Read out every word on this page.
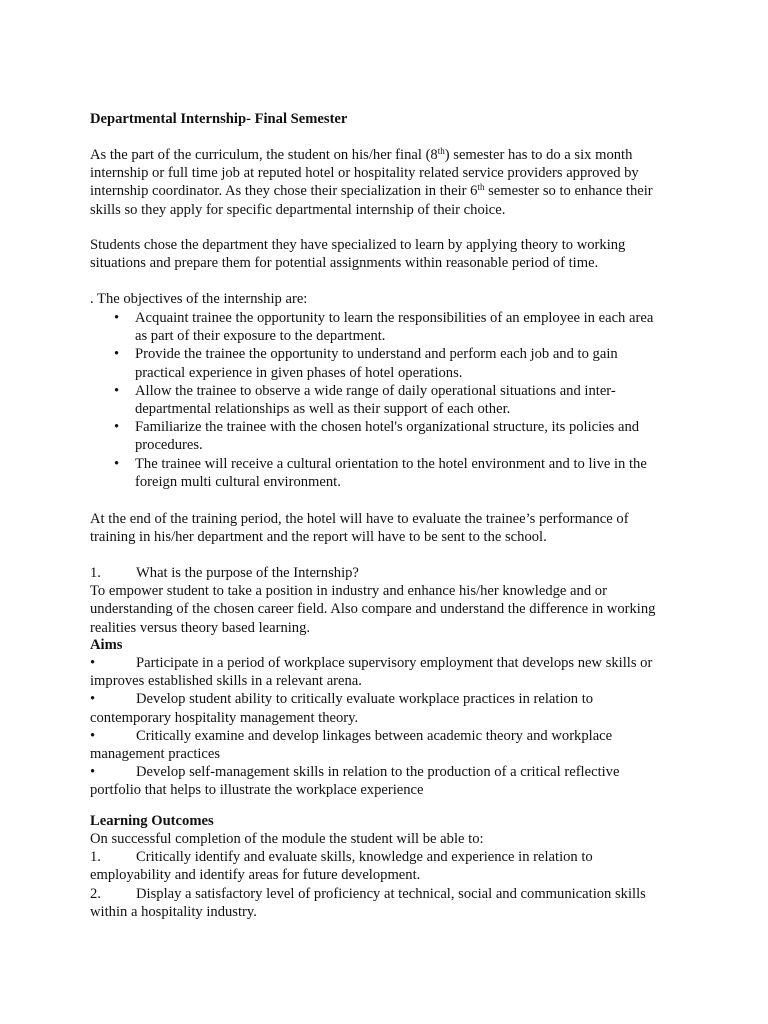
Departmental Internship- Final Semester

As the part of the curriculum, the student on his/her final (8th) semester has to do a six month

internship or full time job at reputed hotel or hospitality related service providers approved by

internship coordinator. As they chose their specialization in their 6th semester so to enhance their

skills so they apply for specific departmental internship of their choice.

Students chose the department they have specialized to learn by applying theory to working

situations and prepare them for potential assignments within reasonable period of time.

. The objectives of the internship are:

• Acquaint trainee the opportunity to learn the responsibilities of an employee in each area
as part of their exposure to the department.
• Provide the trainee the opportunity to understand and perform each job and to gain
practical experience in given phases of hotel operations.
• Allow the trainee to observe a wide range of daily operational situations and inter-
departmental relationships as well as their support of each other.
• Familiarize the trainee with the chosen hotel's organizational structure, its policies and
procedures.
• The trainee will receive a cultural orientation to the hotel environment and to live in the
foreign multi cultural environment.

At the end of the training period, the hotel will have to evaluate the trainee’s performance of

training in his/her department and the report will have to be sent to the school.

1. What is the purpose of the Internship?

To empower student to take a position in industry and enhance his/her knowledge and or

understanding of the chosen career field. Also compare and understand the difference in working

realities versus theory based learning.

Aims
•	Participate in a period of workplace supervisory employment that develops new skills or
improves established skills in a relevant arena.
•	Develop student ability to critically evaluate workplace practices in relation to
contemporary hospitality management theory.
•	Critically examine and develop linkages between academic theory and workplace
management practices
•	Develop self-management skills in relation to the production of a critical reflective
portfolio that helps to illustrate the workplace experience
Learning Outcomes

On successful completion of the module the student will be able to:

1. Critically identify and evaluate skills, knowledge and experience in relation to
employability and identify areas for future development.
2. Display a satisfactory level of proficiency at technical, social and communication skills
within a hospitality industry.
